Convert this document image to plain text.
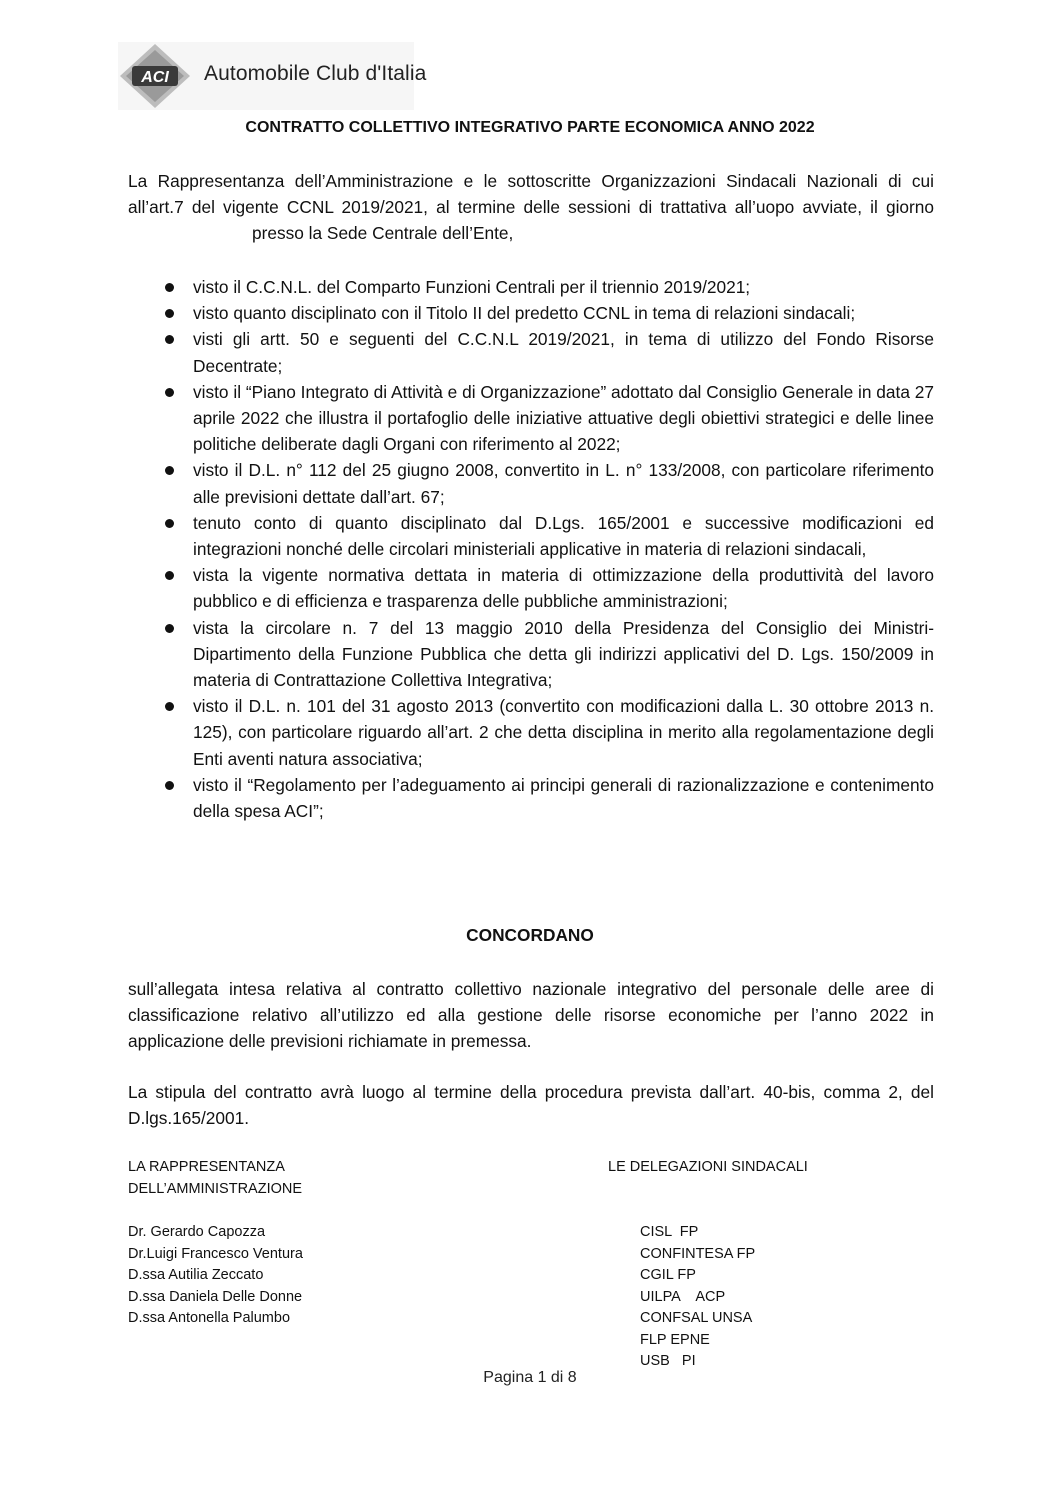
ACI Automobile Club d'Italia
CONTRATTO COLLETTIVO INTEGRATIVO PARTE ECONOMICA ANNO 2022
La Rappresentanza dell’Amministrazione e le sottoscritte Organizzazioni Sindacali Nazionali di cui all’art.7 del vigente CCNL 2019/2021, al termine delle sessioni di trattativa all’uopo avviate, il giornopresso la Sede Centrale dell’Ente,
visto il C.C.N.L. del Comparto Funzioni Centrali per il triennio 2019/2021;
visto quanto disciplinato con il Titolo II del predetto CCNL in tema di relazioni sindacali;
visti gli artt. 50 e seguenti del C.C.N.L 2019/2021, in tema di utilizzo del Fondo Risorse Decentrate;
visto il “Piano Integrato di Attività e di Organizzazione” adottato dal Consiglio Generale in data 27 aprile 2022 che illustra il portafoglio delle iniziative attuative degli obiettivi strategici e delle linee politiche deliberate dagli Organi con riferimento al 2022;
visto il D.L. n° 112 del 25 giugno 2008, convertito in L. n° 133/2008, con particolare riferimento alle previsioni dettate dall’art. 67;
tenuto conto di quanto disciplinato dal D.Lgs. 165/2001 e successive modificazioni ed integrazioni nonché delle circolari ministeriali applicative in materia di relazioni sindacali,
vista la vigente normativa dettata in materia di ottimizzazione della produttività del lavoro pubblico e di efficienza e trasparenza delle pubbliche amministrazioni;
vista la circolare n. 7 del 13 maggio 2010 della Presidenza del Consiglio dei Ministri-Dipartimento della Funzione Pubblica che detta gli indirizzi applicativi del D. Lgs. 150/2009 in materia di Contrattazione Collettiva Integrativa;
visto il D.L. n. 101 del 31 agosto 2013 (convertito con modificazioni dalla L. 30 ottobre 2013 n. 125), con particolare riguardo all’art. 2 che detta disciplina in merito alla regolamentazione degli Enti aventi natura associativa;
visto il “Regolamento per l’adeguamento ai principi generali di razionalizzazione e contenimento della spesa ACI”;
CONCORDANO
sull’allegata intesa relativa al contratto collettivo nazionale integrativo del personale delle aree di classificazione relativo all’utilizzo ed alla gestione delle risorse economiche per l’anno 2022 in applicazione delle previsioni richiamate in premessa.
La stipula del contratto avrà luogo al termine della procedura prevista dall’art. 40-bis, comma 2, del D.lgs.165/2001.
LA RAPPRESENTANZA
DELL’AMMINISTRAZIONE
LE DELEGAZIONI SINDACALI
Dr. Gerardo Capozza
Dr.Luigi Francesco Ventura
D.ssa Autilia Zeccato
D.ssa Daniela Delle Donne
D.ssa Antonella Palumbo
CISL  FP
CONFINTESA FP
CGIL FP
UILPA    ACP
CONFSAL UNSA
FLP EPNE
USB   PI
Pagina 1 di 8
